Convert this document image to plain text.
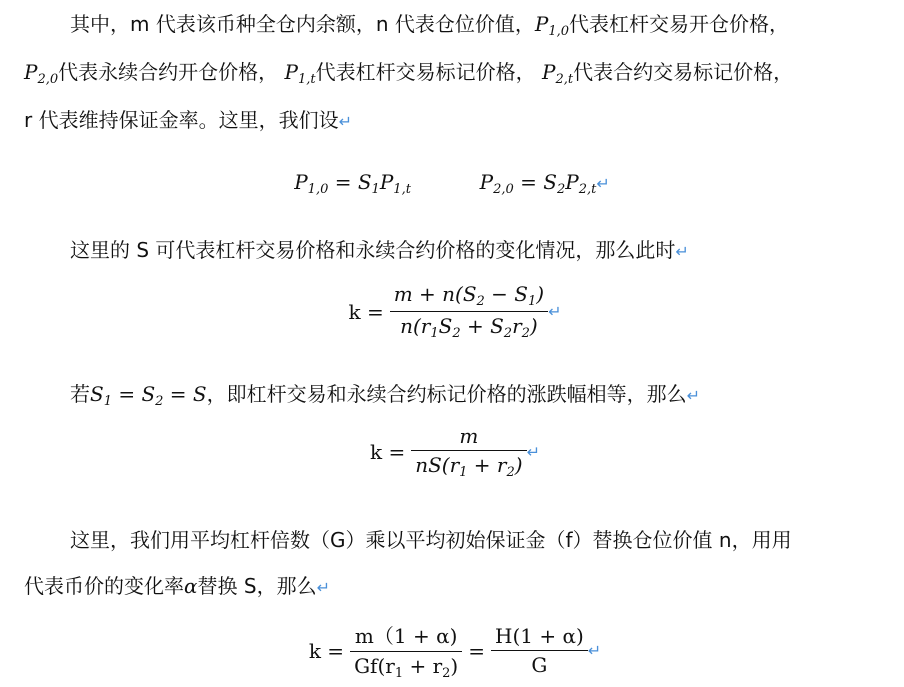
其中，m 代表该币种全仓内余额，n 代表仓位价值，$P_{1,0}$代表杠杆交易开仓价格，
$P_{2,0}$代表永续合约开仓价格， $P_{1,t}$代表杠杆交易标记价格， $P_{2,t}$代表合约交易标记价格，
r 代表维持保证金率。这里，我们设↵
$P_{1,0} = S_1P_{1,t}$	$P_{2,0}$ = $S_2P_{2,t}↵$
这里的 S 可代表杠杆交易价格和永续合约价格的变化情况，那么此时↵
$k = \frac{m + n(S_2 - S_1)}{n(r_1S_2 + S_2r_2)}$ ↵
若$S_1 = S_2 = S$，即杠杆交易和永续合约标记价格的涨跌幅相等，那么↵
$k = \frac{m}{nS(r_1 + r_2)}$ ↵
这里，我们用平均杠杆倍数（G）乘以平均初始保证金（f）替换仓位价值 n，用用
代表币价的变化率α替换 S，那么↵
$k = \frac{m(1 + \alpha)}{Gf(r_1 + r_2)} = \frac{H(1 + \alpha)}{G}$ ↵
